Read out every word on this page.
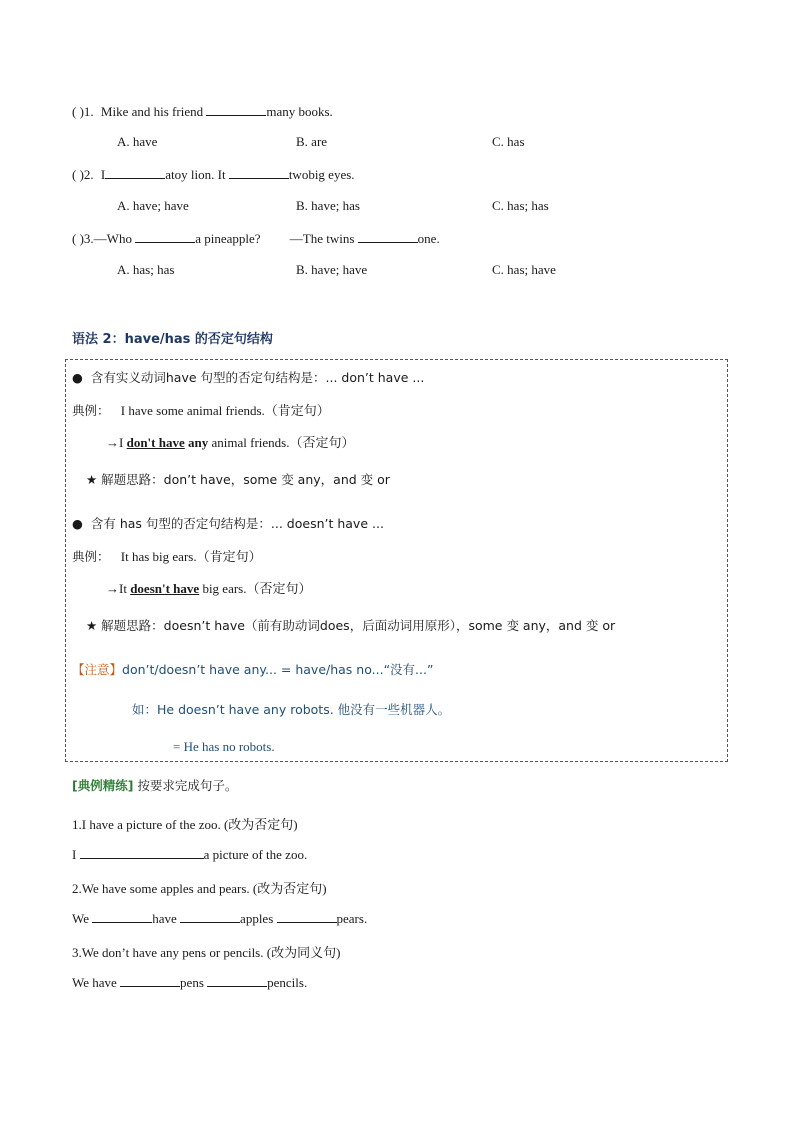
( )1. Mike and his friend	many books.
A. have	B. are	C. has
( )2. I	atoy lion. It	twobig eyes.
A. have; have	B. have; has	C. has; has
( )3.—Who	a pineapple? —The twins	one.
A. has; has	B. have; have	C. has; have
语法 2：have/has 的否定句结构
●  含有实义动词have 句型的否定句结构是：... don’t have ...
典例： I have some animal friends.（肯定句）
→I don't have any animal friends.（否定句）
★ 解题思路：don’t have，some 变 any，and 变 or
●  含有 has 句型的否定句结构是：... doesn’t have ...
典例： It has big ears.（肯定句）
→It doesn't have big ears.（否定句）
★ 解题思路：doesn’t have（前有助动词does，后面动词用原形），some 变 any，and 变 or
【注意】don’t/doesn’t have any... = have/has no...“没有...”
如：He doesn’t have any robots. 他没有一些机器人。
= He has no robots.
[典例精练] 按要求完成句子。
1.I have a picture of the zoo. (改为否定句)
I	a picture of the zoo.
2.We have some apples and pears. (改为否定句)
We	have	apples	pears.
3.We don’t have any pens or pencils. (改为同义句)
We have	pens	pencils.
